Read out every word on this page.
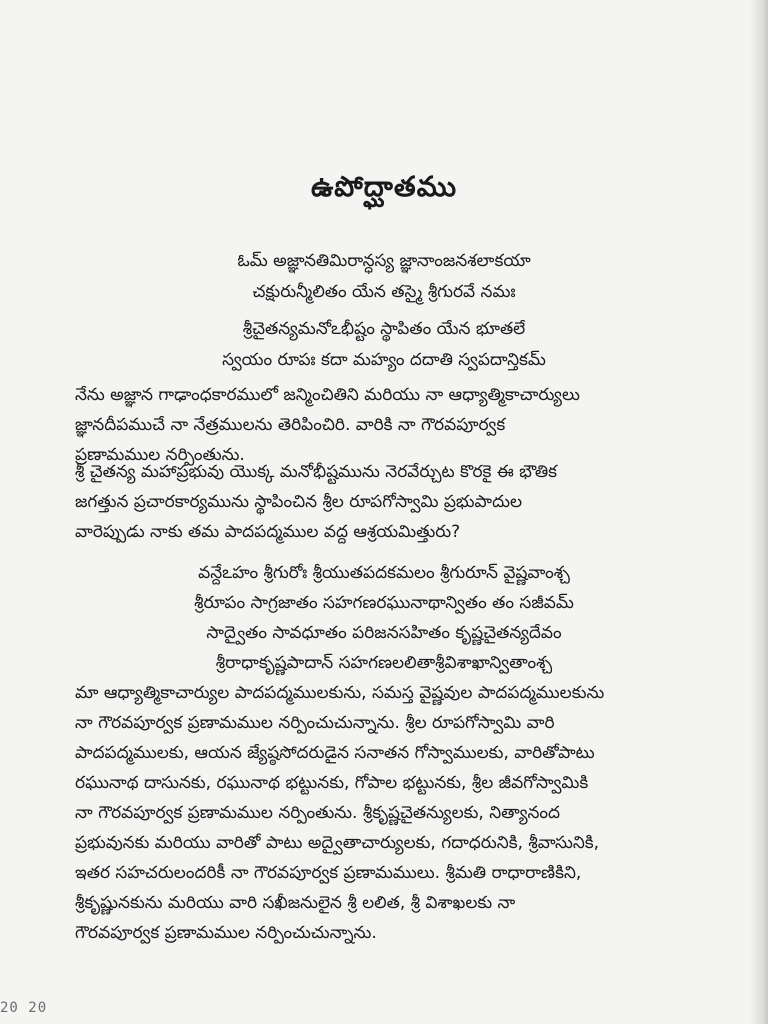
ఉపోద్ఘాతము
ఓమ్ అజ్ఞానతిమిరాన్ధస్య జ్ఞానాంజనశలాకయా
చక్షురున్మీలితం యేన తస్మై శ్రీగురవే నమః
శ్రీచైతన్యమనోఽభీష్టం స్థాపితం యేన భూతలే
స్వయం రూపః కదా మహ్యం దదాతి స్వపదాన్తికమ్
నేను అజ్ఞాన గాఢాంధకారములో జన్మించితిని మరియు నా ఆధ్యాత్మికాచార్యులు
జ్ఞానదీపముచే నా నేత్రములను తెరిపించిరి. వారికి నా గౌరవపూర్వక
ప్రణామముల నర్పింతును.
శ్రీ చైతన్య మహాప్రభువు యొక్క మనోభీష్టమును నెరవేర్చుట కొరకై ఈ భౌతిక
జగత్తున ప్రచారకార్యమును స్థాపించిన శ్రీల రూపగోస్వామి ప్రభుపాదుల
వారెప్పుడు నాకు తమ పాదపద్మముల వద్ద ఆశ్రయమిత్తురు?
వన్దేఽహం శ్రీగురోః శ్రీయుతపదకమలం శ్రీగురూన్ వైష్ణవాంశ్చ
శ్రీరూపం సాగ్రజాతం సహగణరఘునాథాన్వితం తం సజీవమ్
సాద్వైతం సావధూతం పరిజనసహితం కృష్ణచైతన్యదేవం
శ్రీరాధాకృష్ణపాదాన్ సహగణలలితాశ్రీవిశాఖాన్వితాంశ్చ
మా ఆధ్యాత్మికాచార్యుల పాదపద్మములకును, సమస్త వైష్ణవుల పాదపద్మములకును
నా గౌరవపూర్వక ప్రణామముల నర్పించుచున్నాను. శ్రీల రూపగోస్వామి వారి
పాదపద్మములకు, ఆయన జ్యేష్ఠసోదరుడైన సనాతన గోస్వాములకు, వారితోపాటు
రఘునాథ దాసునకు, రఘునాథ భట్టునకు, గోపాల భట్టునకు, శ్రీల జీవగోస్వామికి
నా గౌరవపూర్వక ప్రణామముల నర్పింతును. శ్రీకృష్ణచైతన్యులకు, నిత్యానంద
ప్రభువునకు మరియు వారితో పాటు అద్వైతాచార్యులకు, గదాధరునికి, శ్రీవాసునికి,
ఇతర సహచరులందరికీ నా గౌరవపూర్వక ప్రణామములు. శ్రీమతి రాధారాణికిని,
శ్రీకృష్ణునకును మరియు వారి సఖీజనులైన శ్రీ లలిత, శ్రీ విశాఖలకు నా
గౌరవపూర్వక ప్రణామముల నర్పించుచున్నాను.
20 20
